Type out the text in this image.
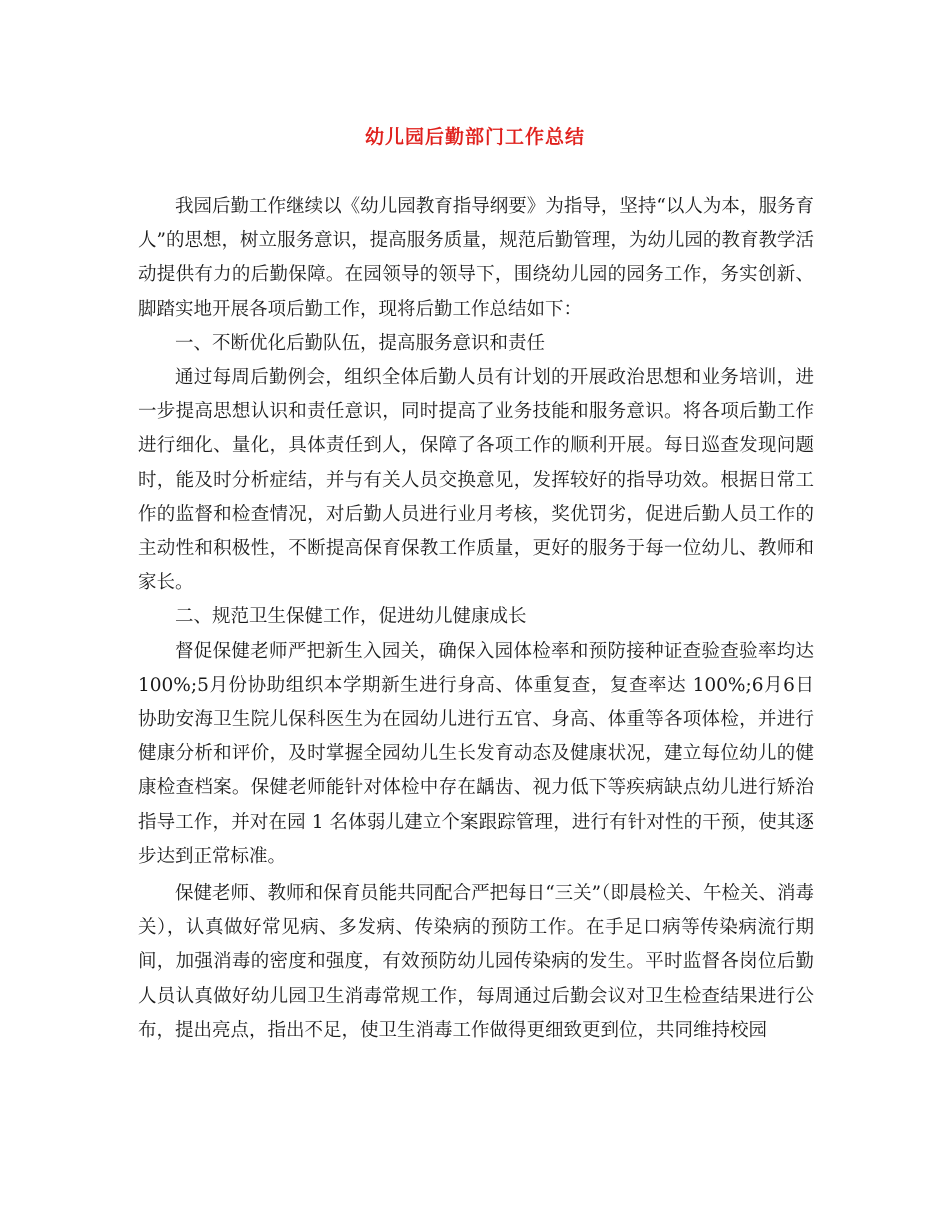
幼儿园后勤部门工作总结

我园后勤工作继续以《幼儿园教育指导纲要》为指导，坚持“以人为本，服务育人”的思想，树立服务意识，提高服务质量，规范后勤管理，为幼儿园的教育教学活动提供有力的后勤保障。在园领导的领导下，围绕幼儿园的园务工作，务实创新、脚踏实地开展各项后勤工作，现将后勤工作总结如下：

一、不断优化后勤队伍，提高服务意识和责任

通过每周后勤例会，组织全体后勤人员有计划的开展政治思想和业务培训，进一步提高思想认识和责任意识，同时提高了业务技能和服务意识。将各项后勤工作进行细化、量化，具体责任到人，保障了各项工作的顺利开展。每日巡查发现问题时，能及时分析症结，并与有关人员交换意见，发挥较好的指导功效。根据日常工作的监督和检查情况，对后勤人员进行业月考核，奖优罚劣，促进后勤人员工作的主动性和积极性，不断提高保育保教工作质量，更好的服务于每一位幼儿、教师和家长。

二、规范卫生保健工作，促进幼儿健康成长

督促保健老师严把新生入园关，确保入园体检率和预防接种证查验查验率均达100%;5月份协助组织本学期新生进行身高、体重复查，复查率达 100%;6月6日协助安海卫生院儿保科医生为在园幼儿进行五官、身高、体重等各项体检，并进行健康分析和评价，及时掌握全园幼儿生长发育动态及健康状况，建立每位幼儿的健康检查档案。保健老师能针对体检中存在龋齿、视力低下等疾病缺点幼儿进行矫治指导工作，并对在园 1 名体弱儿建立个案跟踪管理，进行有针对性的干预，使其逐步达到正常标准。

保健老师、教师和保育员能共同配合严把每日“三关”（即晨检关、午检关、消毒关），认真做好常见病、多发病、传染病的预防工作。在手足口病等传染病流行期间，加强消毒的密度和强度，有效预防幼儿园传染病的发生。平时监督各岗位后勤人员认真做好幼儿园卫生消毒常规工作，每周通过后勤会议对卫生检查结果进行公布，提出亮点，指出不足，使卫生消毒工作做得更细致更到位，共同维持校园
